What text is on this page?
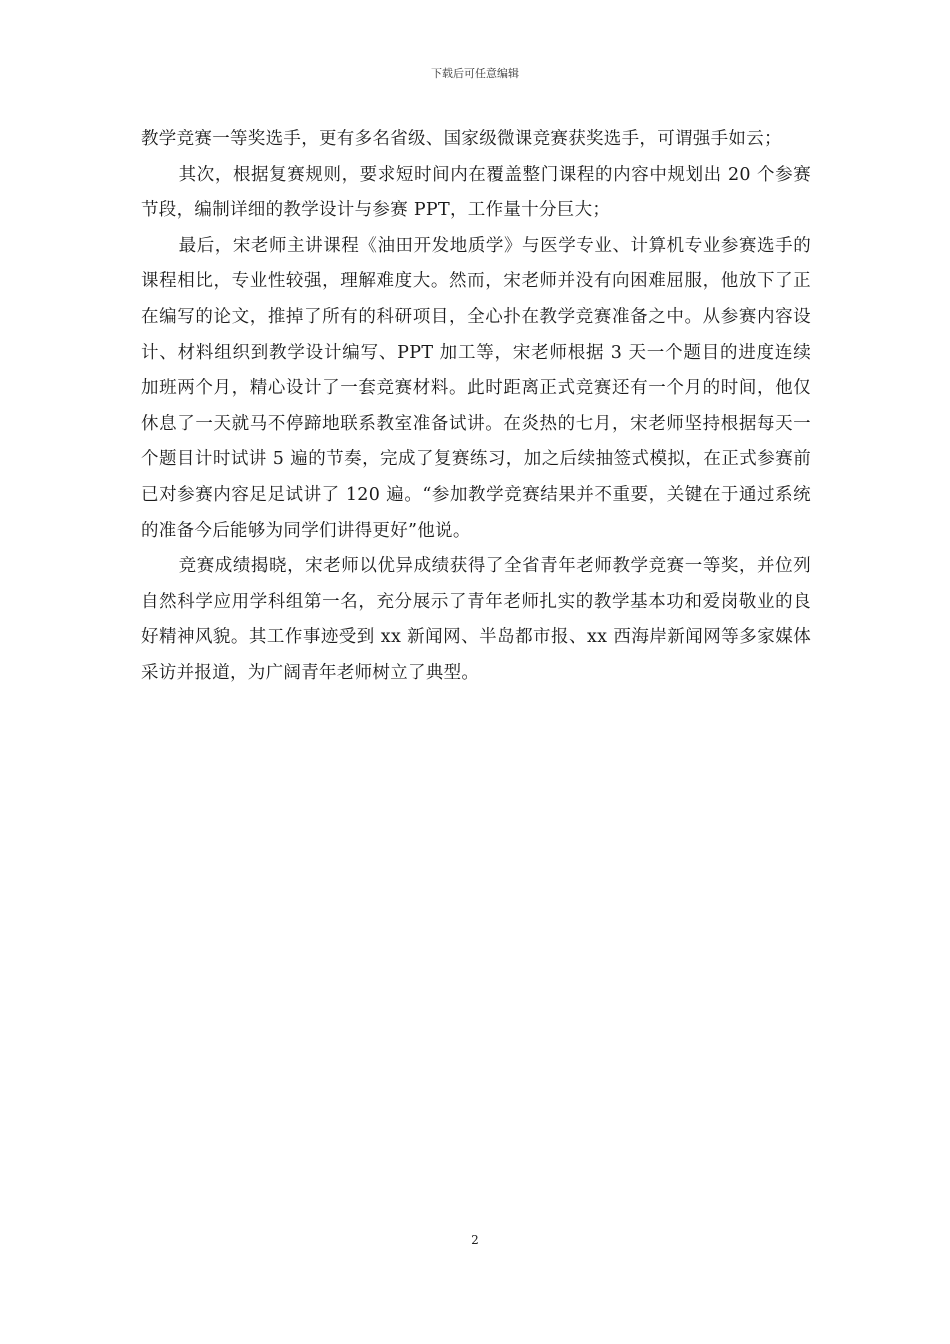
下载后可任意编辑

教学竞赛一等奖选手，更有多名省级、国家级微课竞赛获奖选手，可谓强手如云；

其次，根据复赛规则，要求短时间内在覆盖整门课程的内容中规划出 20 个参赛节段，编制详细的教学设计与参赛 PPT，工作量十分巨大；

最后，宋老师主讲课程《油田开发地质学》与医学专业、计算机专业参赛选手的课程相比，专业性较强，理解难度大。然而，宋老师并没有向困难屈服，他放下了正在编写的论文，推掉了所有的科研项目，全心扑在教学竞赛准备之中。从参赛内容设计、材料组织到教学设计编写、PPT 加工等，宋老师根据 3 天一个题目的进度连续加班两个月，精心设计了一套竞赛材料。此时距离正式竞赛还有一个月的时间，他仅休息了一天就马不停蹄地联系教室准备试讲。在炎热的七月，宋老师坚持根据每天一个题目计时试讲 5 遍的节奏，完成了复赛练习，加之后续抽签式模拟，在正式参赛前已对参赛内容足足试讲了 120 遍。“参加教学竞赛结果并不重要，关键在于通过系统的准备今后能够为同学们讲得更好”他说。

竞赛成绩揭晓，宋老师以优异成绩获得了全省青年老师教学竞赛一等奖，并位列自然科学应用学科组第一名，充分展示了青年老师扎实的教学基本功和爱岗敬业的良好精神风貌。其工作事迹受到 xx 新闻网、半岛都市报、xx 西海岸新闻网等多家媒体采访并报道，为广阔青年老师树立了典型。

2
